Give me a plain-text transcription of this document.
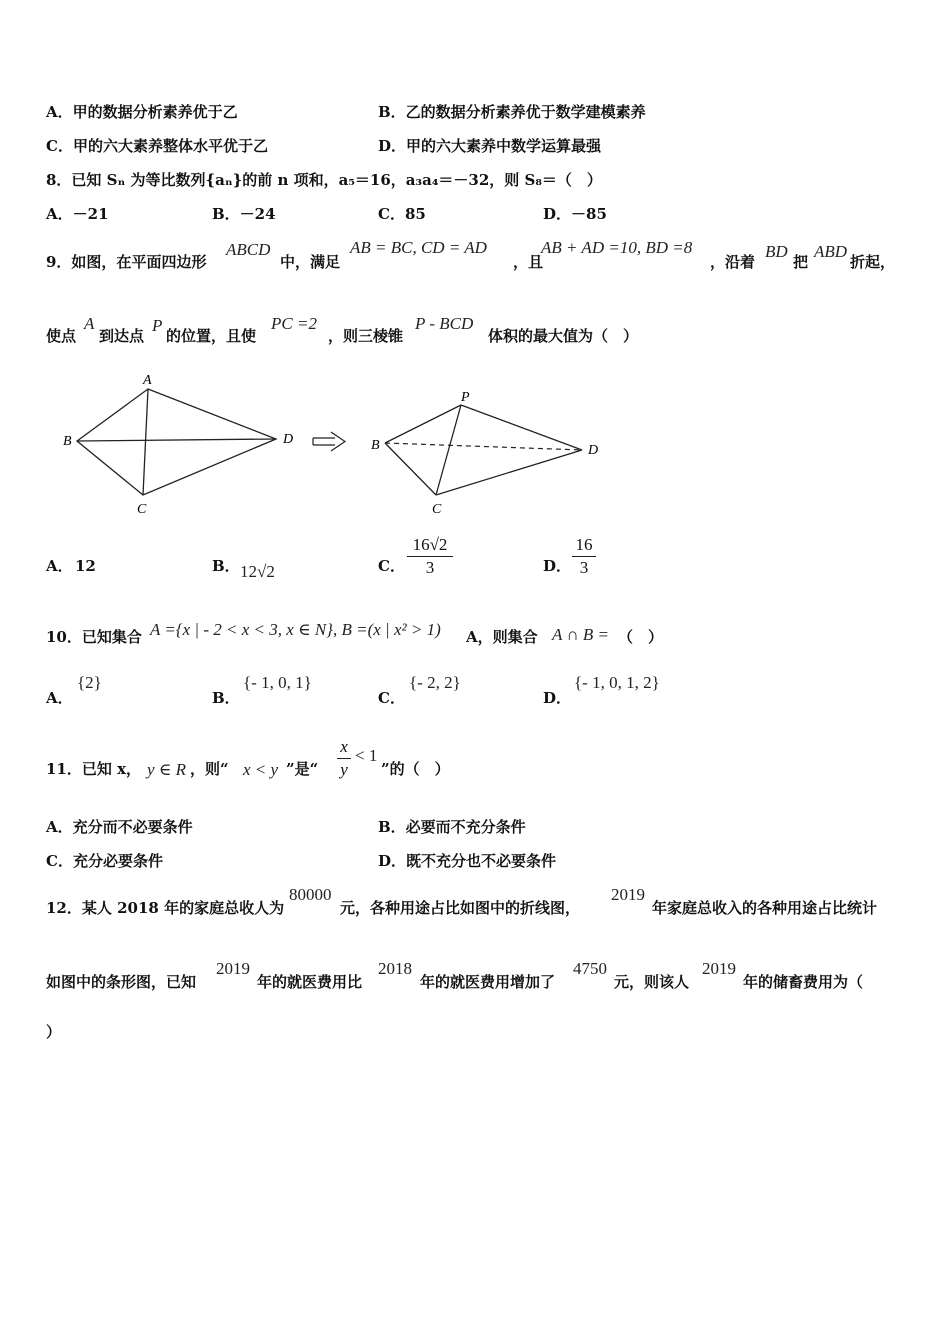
A．甲的数据分析素养优于乙	B．乙的数据分析素养优于数学建模素养
C．甲的六大素养整体水平优于乙	D．甲的六大素养中数学运算最强
8．已知 Sₙ 为等比数列{aₙ}的前 n 项和，a₅＝16，a₃a₄＝－32，则 S₈＝（　）
A．－21	B．－24	C．85	D．－85
9．如图，在平面四边形
ABCD
中，满足
AB = BC, CD = AD
，且
AB + AD =10, BD =8
，沿着
BD
把
ABD
折起，
使点
A
到达点
P
的位置，且使
PC =2
，则三棱锥
P - BCD
体积的最大值为（　）
A
B
C
D
P
B
C
D
A． 12	B． 12√2	C．
16√2
3	D．
16
3
10．已知集合 A ={x | - 2 < x < 3, x ∈ N}, B =(x | x² > 1) A，则集合 A ∩ B = （　）
A．
{2}
B．
{- 1, 0, 1}
C．
{- 2, 2}
D．
{- 1, 0, 1, 2}
11．已知 x， y ∈ R ，则“ x < y ”是“
x
y
< 1
”的（　）
A．充分而不必要条件	B．必要而不充分条件
C．充分必要条件	D．既不充分也不必要条件
12．某人 2018 年的家庭总收人为
80000
元，各种用途占比如图中的折线图，
2019
年家庭总收入的各种用途占比统计
如图中的条形图，已知
2019
年的就医费用比
2018
年的就医费用增加了
4750
元，则该人
2019
年的储畜费用为（
）
